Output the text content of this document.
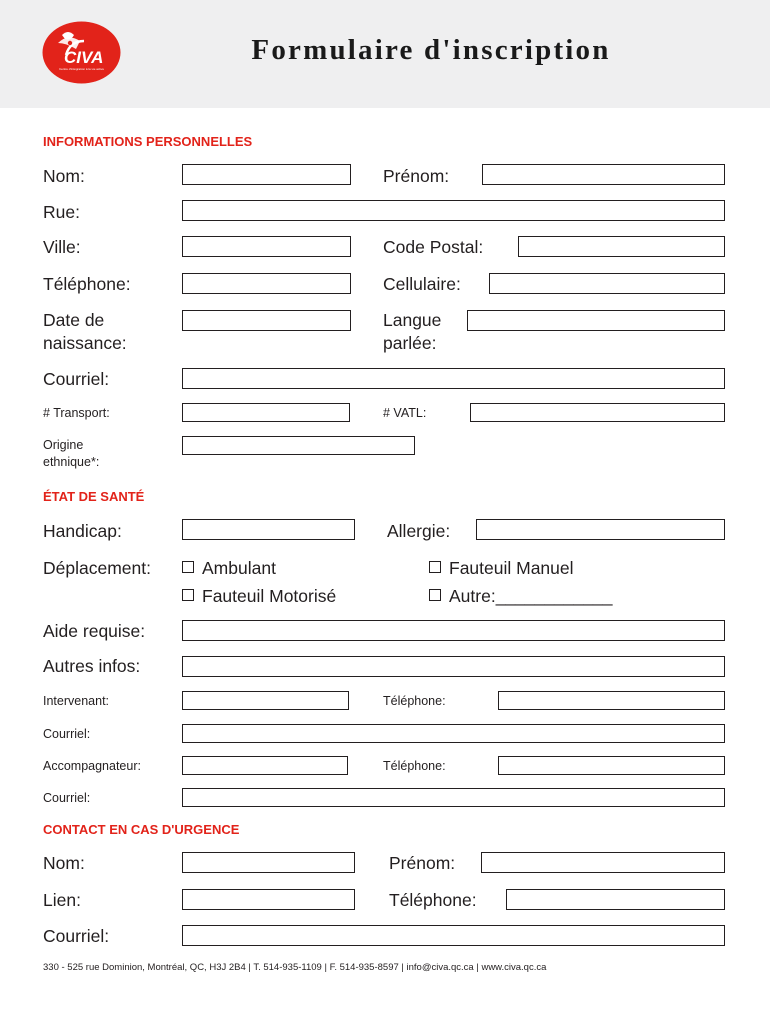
CIVA
Centre d'intégration à la vie active
Formulaire d'inscription
INFORMATIONS PERSONNELLES
Nom:	Prénom:
Rue:
Ville:	Code Postal:
Téléphone:	Cellulaire:
Date de
naissance:
Langue
parlée:
Courriel:
# Transport:	# VATL:
Origine
ethnique*:
ÉTAT DE SANTÉ
Handicap:	Allergie:
Déplacement:	Ambulant	Fauteuil Manuel
Fauteuil Motorisé	Autre:____________
Aide requise:
Autres infos:
Intervenant:	Téléphone:
Courriel:
Accompagnateur:	Téléphone:
Courriel:
CONTACT EN CAS D'URGENCE
Nom:	Prénom:
Lien:	Téléphone:
Courriel:
330 - 525 rue Dominion, Montréal, QC, H3J 2B4 | T. 514-935-1109 | F. 514-935-8597 | info@civa.qc.ca | www.civa.qc.ca
